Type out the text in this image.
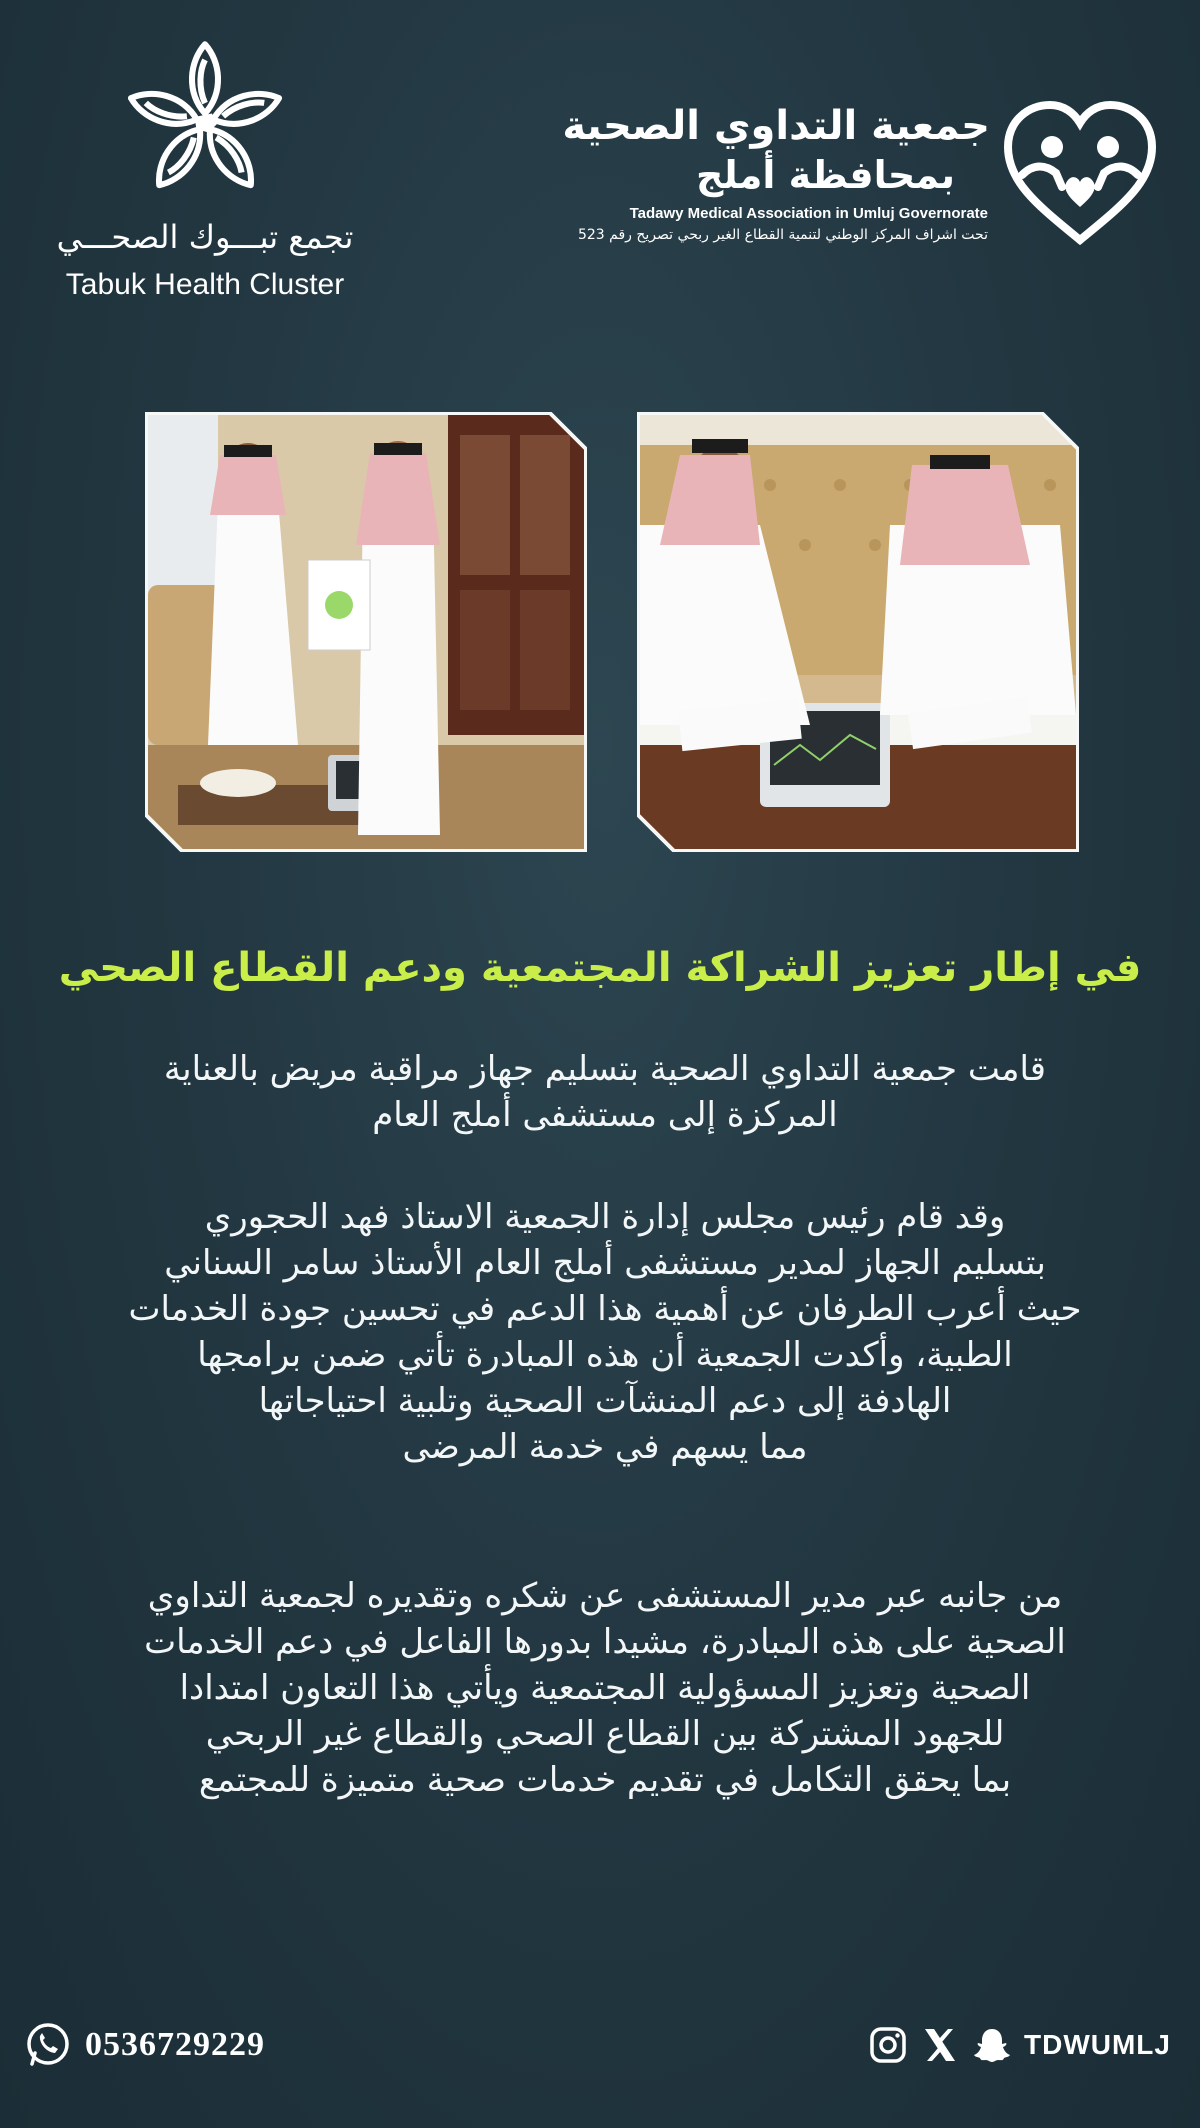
تجمع تبـــوك الصحـــي
Tabuk Health Cluster
جمعية التداوي الصحية
بمحافظة أملج
Tadawy Medical Association in Umluj Governorate
تحت اشراف المركز الوطني لتنمية القطاع الغير ربحي تصريح رقم 523
في إطار تعزيز الشراكة المجتمعية ودعم القطاع الصحي
قامت جمعية التداوي الصحية بتسليم جهاز مراقبة مريض بالعناية
المركزة إلى مستشفى أملج العام
وقد قام رئيس مجلس إدارة الجمعية الاستاذ فهد الحجوري
بتسليم الجهاز لمدير مستشفى أملج العام الأستاذ سامر السناني
حيث أعرب الطرفان عن أهمية هذا الدعم في تحسين جودة الخدمات
الطبية، وأكدت الجمعية أن هذه المبادرة تأتي ضمن برامجها
الهادفة إلى دعم المنشآت الصحية وتلبية احتياجاتها
مما يسهم في خدمة المرضى
من جانبه عبر مدير المستشفى عن شكره وتقديره لجمعية التداوي
الصحية على هذه المبادرة، مشيدا بدورها الفاعل في دعم الخدمات
الصحية وتعزيز المسؤولية المجتمعية ويأتي هذا التعاون امتدادا
للجهود المشتركة بين القطاع الصحي والقطاع غير الربحي
بما يحقق التكامل في تقديم خدمات صحية متميزة للمجتمع
0536729229	TDWUMLJ
